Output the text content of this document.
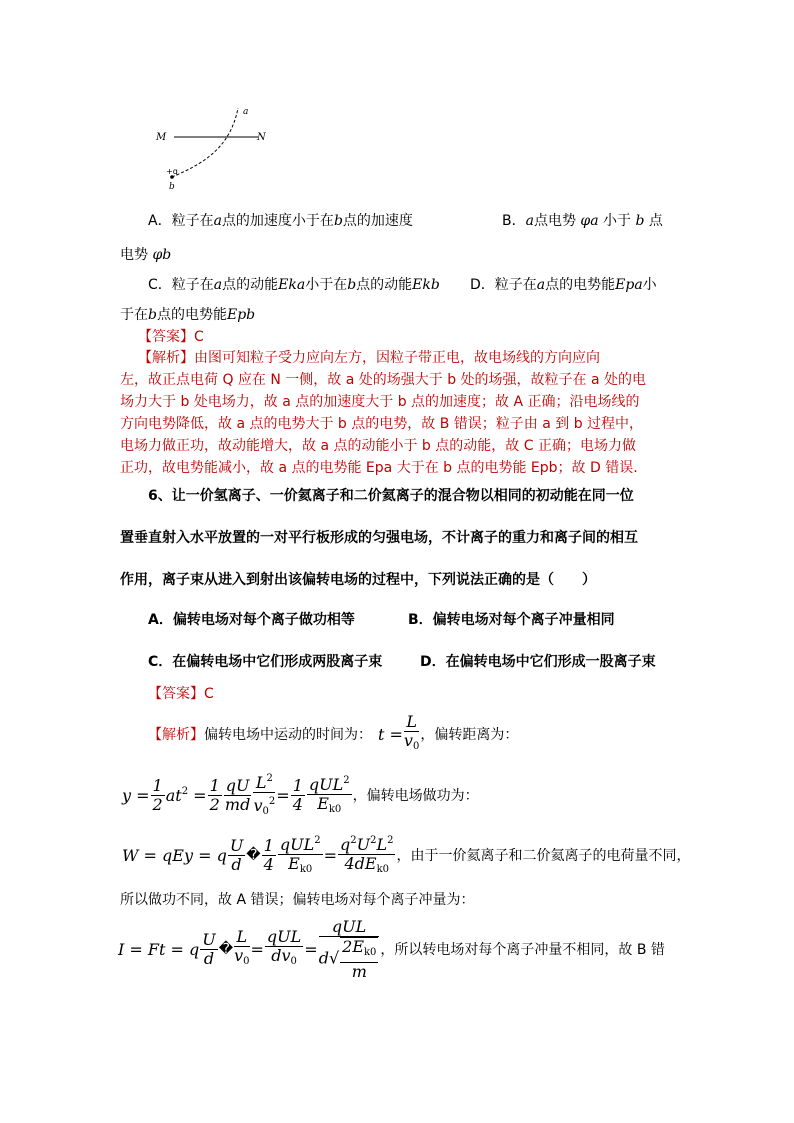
a
M	N
+q
b
A．粒子在a点的加速度小于在b点的加速度	B．a点电势 φa 小于 b 点
电势 φb
C．粒子在a点的动能Eka小于在b点的动能Ekb D．粒子在a点的电势能Epa小
于在b点的电势能Epb
【答案】C
【解析】由图可知粒子受力应向左方，因粒子带正电，故电场线的方向应向
左，故正点电荷 Q 应在 N 一侧，故 a 处的场强大于 b 处的场强，故粒子在 a 处的电
场力大于 b 处电场力，故 a 点的加速度大于 b 点的加速度；故 A 正确；沿电场线的
方向电势降低，故 a 点的电势大于 b 点的电势，故 B 错误；粒子由 a 到 b 过程中，
电场力做正功，故动能增大，故 a 点的动能小于 b 点的动能，故 C 正确；电场力做
正功，故电势能减小，故 a 点的电势能 Epa 大于在 b 点的电势能 Epb；故 D 错误.
6、让一价氢离子、一价氦离子和二价氦离子的混合物以相同的初动能在同一位
置垂直射入水平放置的一对平行板形成的匀强电场，不计离子的重力和离子间的相互
作用，离子束从进入到射出该偏转电场的过程中，下列说法正确的是（　　）
A．偏转电场对每个离子做功相等	B．偏转电场对每个离子冲量相同
C．在偏转电场中它们形成两股离子束	D．在偏转电场中它们形成一股离子束
【答案】C
【解析】 偏转电场中运动的时间为： $t = \frac{L}{v_0}$ ，偏转距离为：
$y = \frac{1}{2} at^2 = \frac{1}{2} \frac{qU}{md} \frac{L^2}{v_0^2} = \frac{1}{4} \frac{qUL^2}{E_{k0}}$ ，偏转电场做功为：
W = qEy = q $\frac{U}{d}$ � $\frac{1}{4} \frac{qUL^2}{E_{k0}} = \frac{q^2U^2L^2}{4dE_{k0}}$ ，由于一价氦离子和二价氦离子的电荷量不同，
所以做功不同，故 A 错误；偏转电场对每个离子冲量为：
I = Ft = q $\frac{U}{d}$ � $\frac{L}{v_0} = \frac{\text{qUL}}{dv_0} = \frac{\text{qUL}}{d√ \frac{2E_{k0}}{m}}$ ，所以转电场对每个离子冲量不相同，故 B 错
